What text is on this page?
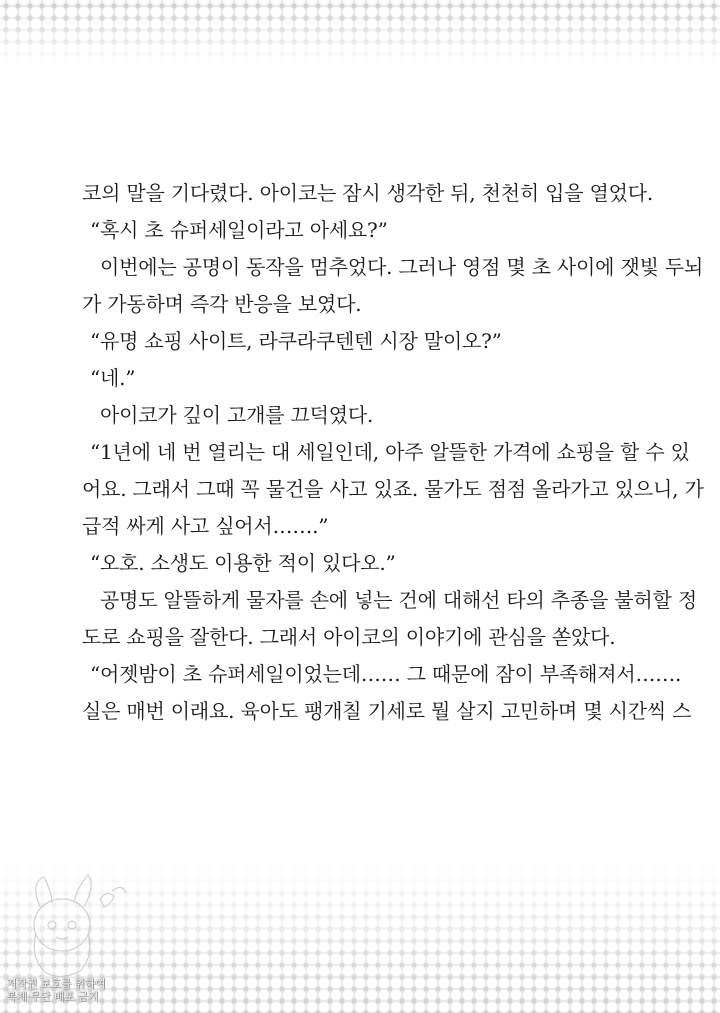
코의 말을 기다렸다. 아이코는 잠시 생각한 뒤, 천천히 입을 열었다.
“혹시 초 슈퍼세일이라고 아세요?”
이번에는 공명이 동작을 멈추었다. 그러나 영점 몇 초 사이에 잿빛 두뇌
가 가동하며 즉각 반응을 보였다.
“유명 쇼핑 사이트, 라쿠라쿠텐텐 시장 말이오?”
“네.”
아이코가 깊이 고개를 끄덕였다.
“1년에 네 번 열리는 대 세일인데, 아주 알뜰한 가격에 쇼핑을 할 수 있
어요. 그래서 그때 꼭 물건을 사고 있죠. 물가도 점점 올라가고 있으니, 가
급적 싸게 사고 싶어서…….”
“오호. 소생도 이용한 적이 있다오.”
공명도 알뜰하게 물자를 손에 넣는 건에 대해선 타의 추종을 불허할 정
도로 쇼핑을 잘한다. 그래서 아이코의 이야기에 관심을 쏟았다.
“어젯밤이 초 슈퍼세일이었는데…… 그 때문에 잠이 부족해져서…….
실은 매번 이래요. 육아도 팽개칠 기세로 뭘 살지 고민하며 몇 시간씩 스
저작권 보호를 위하여
복제·무단 배포 금지
